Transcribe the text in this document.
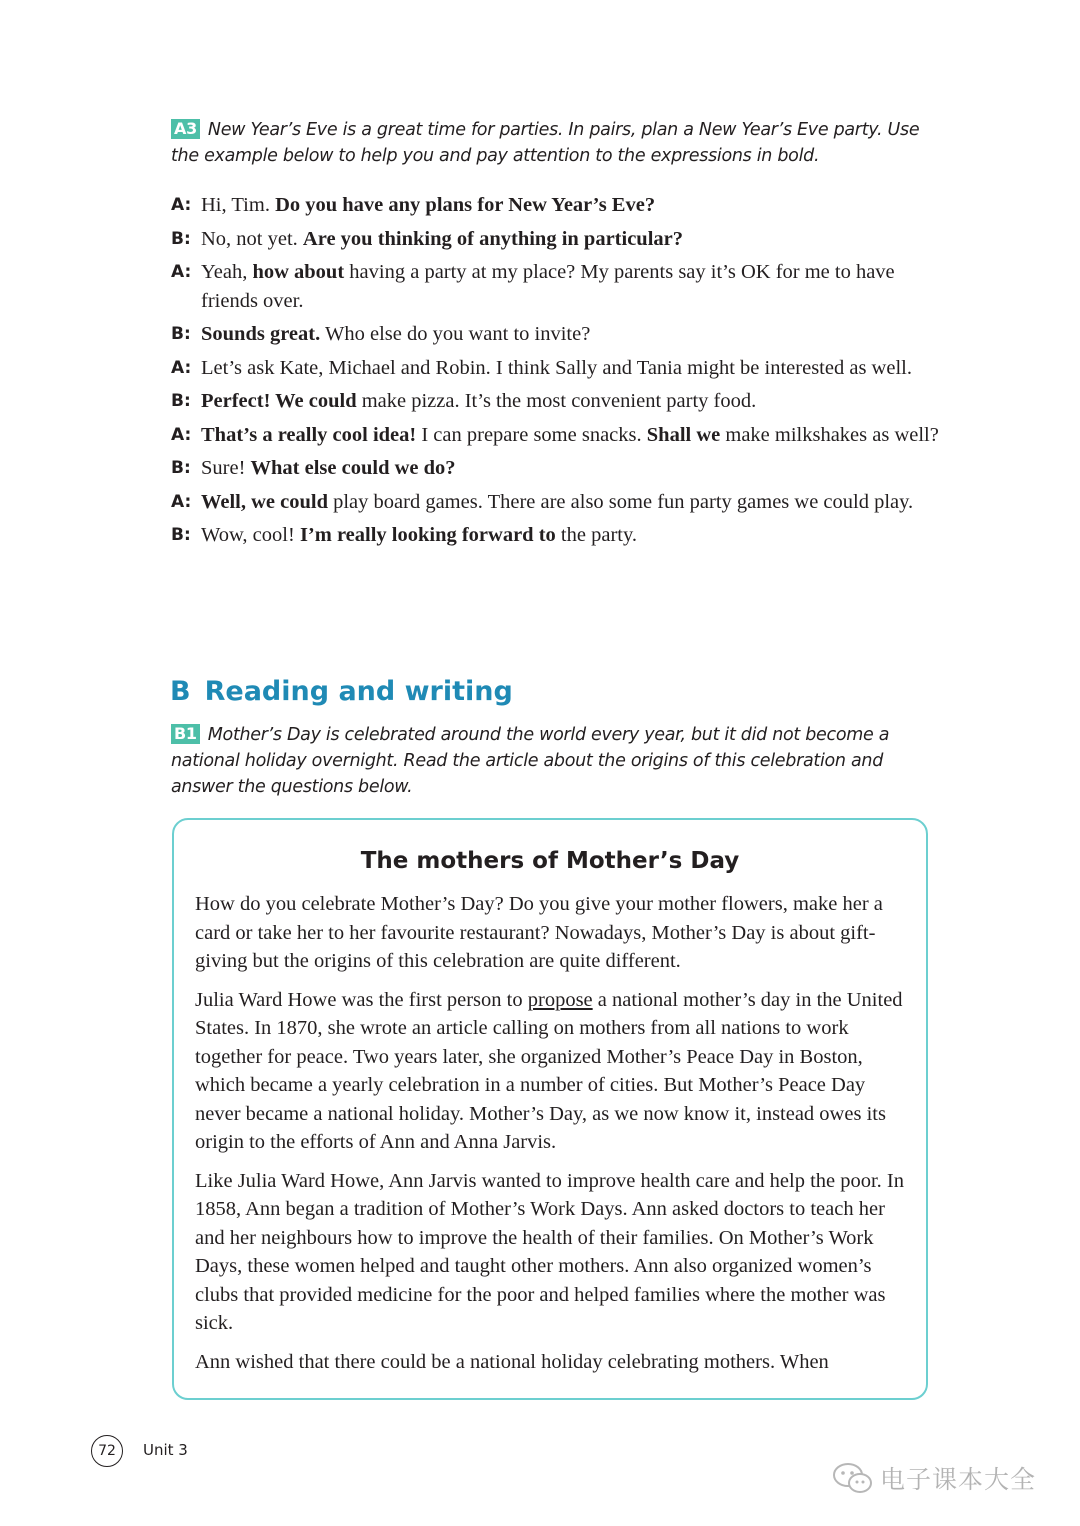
A3 New Year’s Eve is a great time for parties. In pairs, plan a New Year’s Eve party. Use the example below to help you and pay attention to the expressions in bold.
A: Hi, Tim. Do you have any plans for New Year’s Eve?
B: No, not yet. Are you thinking of anything in particular?
A: Yeah, how about having a party at my place? My parents say it’s OK for me to have friends over.
B: Sounds great. Who else do you want to invite?
A: Let’s ask Kate, Michael and Robin. I think Sally and Tania might be interested as well.
B: Perfect! We could make pizza. It’s the most convenient party food.
A: That’s a really cool idea! I can prepare some snacks. Shall we make milkshakes as well?
B: Sure! What else could we do?
A: Well, we could play board games. There are also some fun party games we could play.
B: Wow, cool! I’m really looking forward to the party.
B Reading and writing
B1 Mother’s Day is celebrated around the world every year, but it did not become a national holiday overnight. Read the article about the origins of this celebration and answer the questions below.
The mothers of Mother’s Day

How do you celebrate Mother’s Day? Do you give your mother flowers, make her a card or take her to her favourite restaurant? Nowadays, Mother’s Day is about gift-giving but the origins of this celebration are quite different.

Julia Ward Howe was the first person to propose a national mother’s day in the United States. In 1870, she wrote an article calling on mothers from all nations to work together for peace. Two years later, she organized Mother’s Peace Day in Boston, which became a yearly celebration in a number of cities. But Mother’s Peace Day never became a national holiday. Mother’s Day, as we now know it, instead owes its origin to the efforts of Ann and Anna Jarvis.

Like Julia Ward Howe, Ann Jarvis wanted to improve health care and help the poor. In 1858, Ann began a tradition of Mother’s Work Days. Ann asked doctors to teach her and her neighbours how to improve the health of their families. On Mother’s Work Days, these women helped and taught other mothers. Ann also organized women’s clubs that provided medicine for the poor and helped families where the mother was sick.

Ann wished that there could be a national holiday celebrating mothers. When

72	Unit 3
电子课本大全
